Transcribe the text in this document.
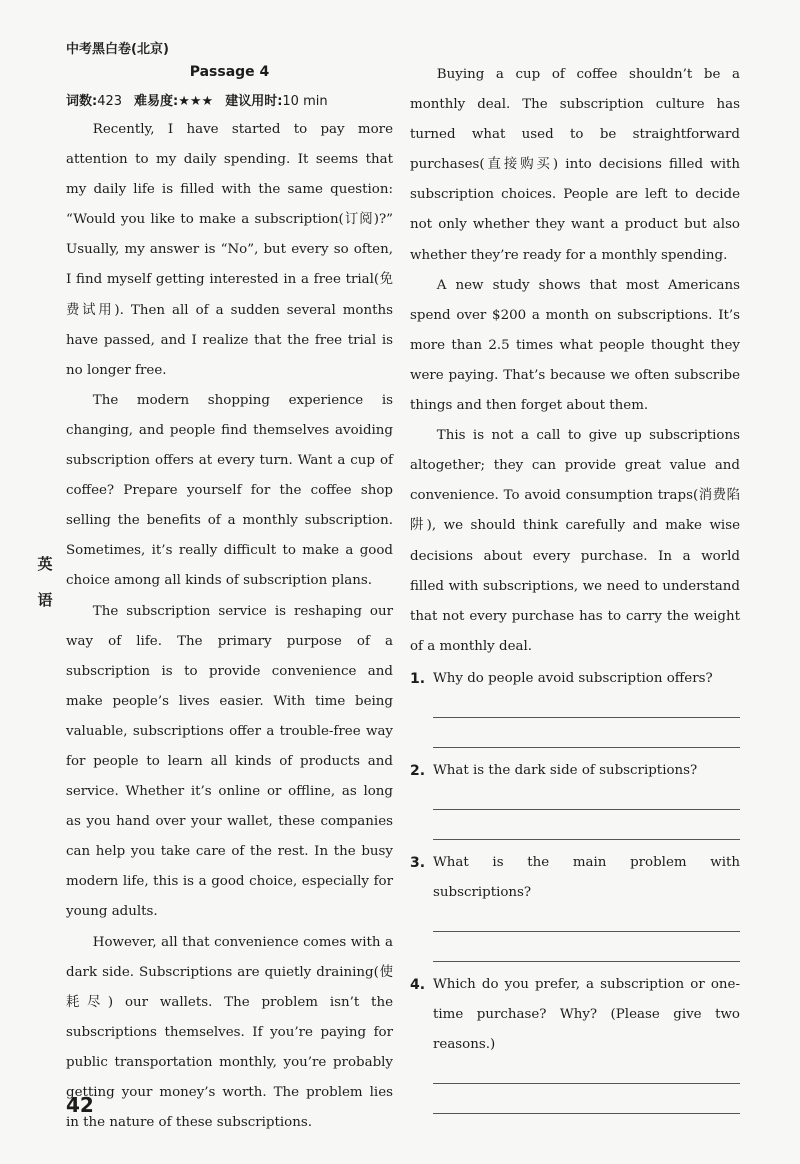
中考黑白卷(北京)
英
语
Passage 4
词数:423 难易度:★★★ 建议用时:10 min

Recently, I have started to pay more attention to my daily spending. It seems that my daily life is filled with the same question: “Would you like to make a subscription(订阅)?” Usually, my answer is “No”, but every so often, I find myself getting interested in a free trial(免费试用). Then all of a sudden several months have passed, and I realize that the free trial is no longer free.

The modern shopping experience is changing, and people find themselves avoiding subscription offers at every turn. Want a cup of coffee? Prepare yourself for the coffee shop selling the benefits of a monthly subscription. Sometimes, it’s really difficult to make a good choice among all kinds of subscription plans.

The subscription service is reshaping our way of life. The primary purpose of a subscription is to provide convenience and make people’s lives easier. With time being valuable, subscriptions offer a trouble-free way for people to learn all kinds of products and service. Whether it’s online or offline, as long as you hand over your wallet, these companies can help you take care of the rest. In the busy modern life, this is a good choice, especially for young adults.

However, all that convenience comes with a dark side. Subscriptions are quietly draining(使耗尽) our wallets. The problem isn’t the subscriptions themselves. If you’re paying for public transportation monthly, you’re probably getting your money’s worth. The problem lies in the nature of these subscriptions.

Buying a cup of coffee shouldn’t be a monthly deal. The subscription culture has turned what used to be straightforward purchases(直接购买) into decisions filled with subscription choices. People are left to decide not only whether they want a product but also whether they’re ready for a monthly spending.

A new study shows that most Americans spend over $200 a month on subscriptions. It’s more than 2.5 times what people thought they were paying. That’s because we often subscribe things and then forget about them.

This is not a call to give up subscriptions altogether; they can provide great value and convenience. To avoid consumption traps(消费陷阱), we should think carefully and make wise decisions about every purchase. In a world filled with subscriptions, we need to understand that not every purchase has to carry the weight of a monthly deal.

1. Why do people avoid subscription offers?
2. What is the dark side of subscriptions?
3. What is the main problem with subscriptions?
4. Which do you prefer, a subscription or one-time purchase? Why? (Please give two reasons.)
42
